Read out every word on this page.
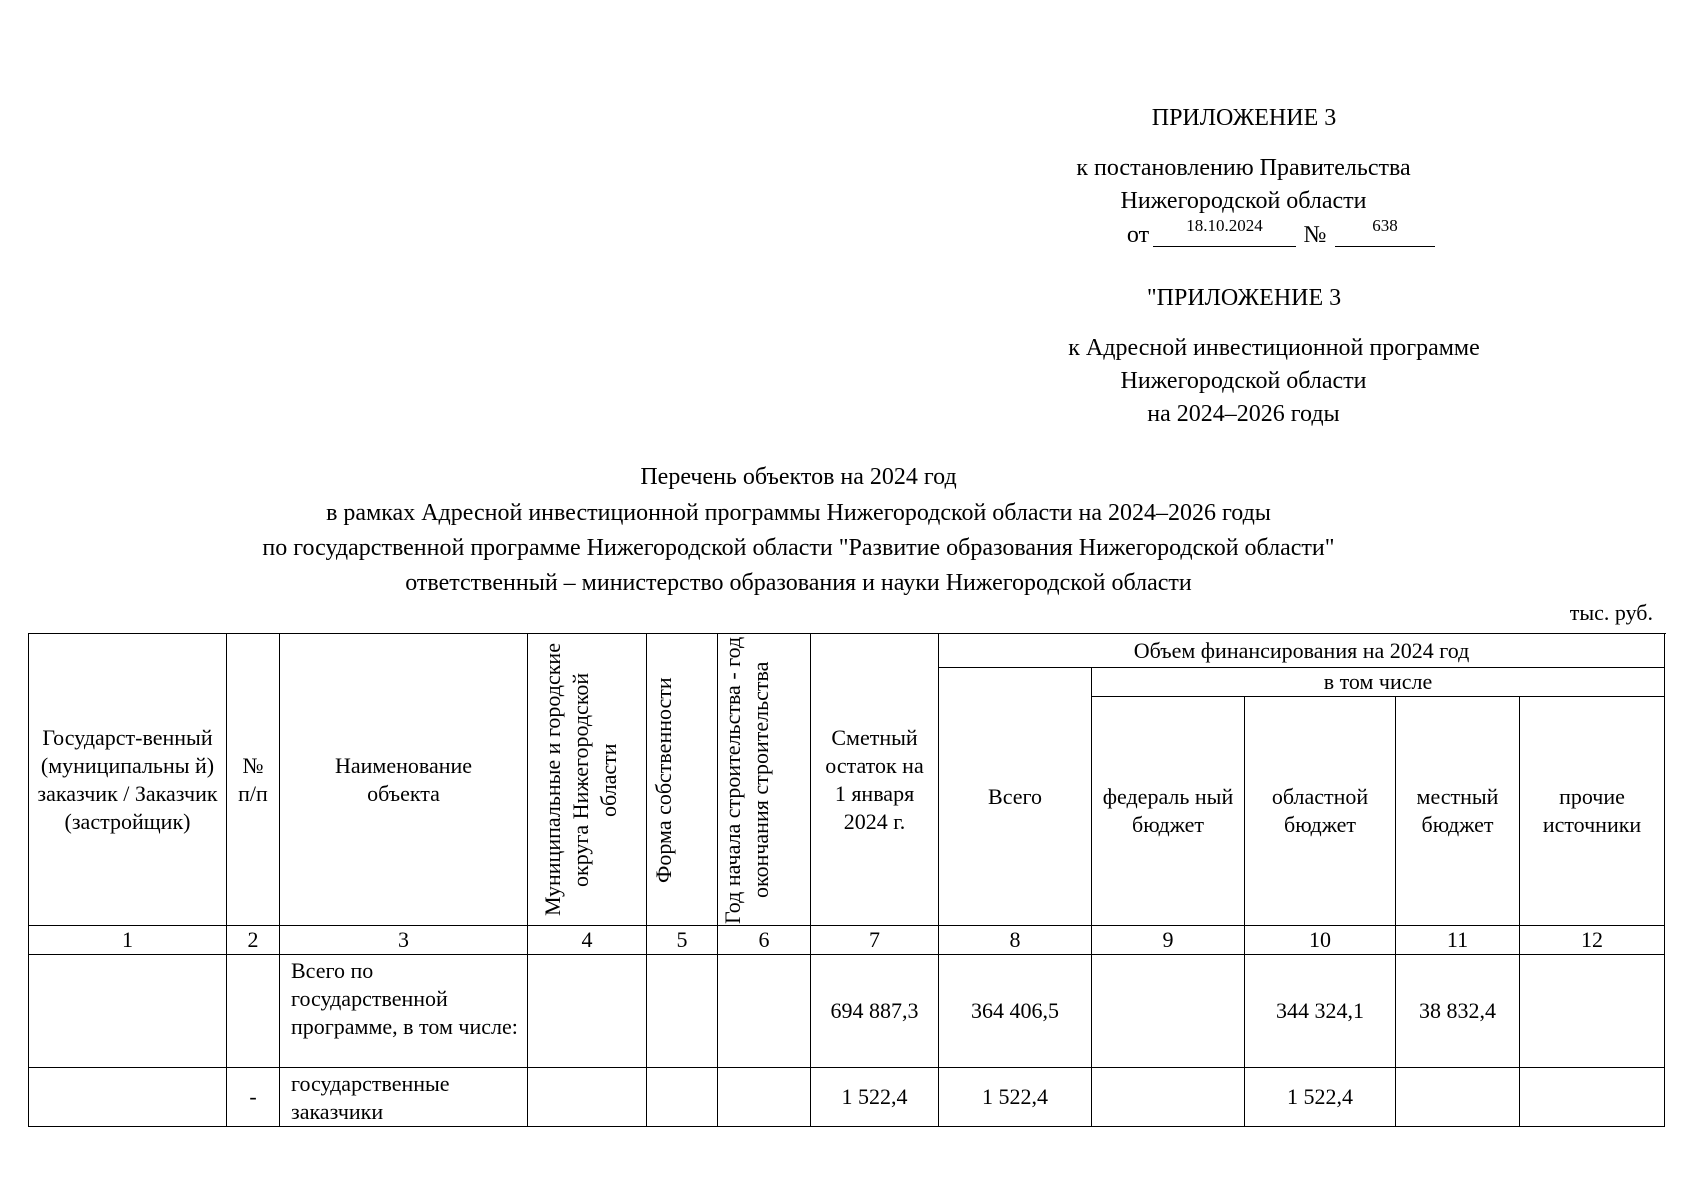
ПРИЛОЖЕНИЕ 3
к постановлению Правительства
Нижегородской области
от	18.10.2024	№	638
"ПРИЛОЖЕНИЕ 3
к Адресной инвестиционной программе
Нижегородской области
на 2024–2026 годы
Перечень объектов на 2024 год
в рамках Адресной инвестиционной программы Нижегородской области на 2024–2026 годы
по государственной программе Нижегородской области "Развитие образования Нижегородской области"
ответственный – министерство образования и науки Нижегородской области
тыс. руб.
Государст-венный (муниципальны й) заказчик / Заказчик (застройщик)	№ п/п	Наименование объекта	Муниципальные и городские округа Нижегородской области	Форма собственности	Год начала строительства - год окончания строительства	Сметный остаток на 1 января 2024 г.	Объем финансирования на 2024 год				
							Всего	в том числе			
								федераль ный бюджет	областной бюджет	местный бюджет	прочие источники
1	2	3	4	5	6	7	8	9	10	11	12
		Всего по государственной программе, в том числе:				694 887,3	364 406,5		344 324,1	38 832,4	
	-	государственные заказчики				1 522,4	1 522,4		1 522,4		
